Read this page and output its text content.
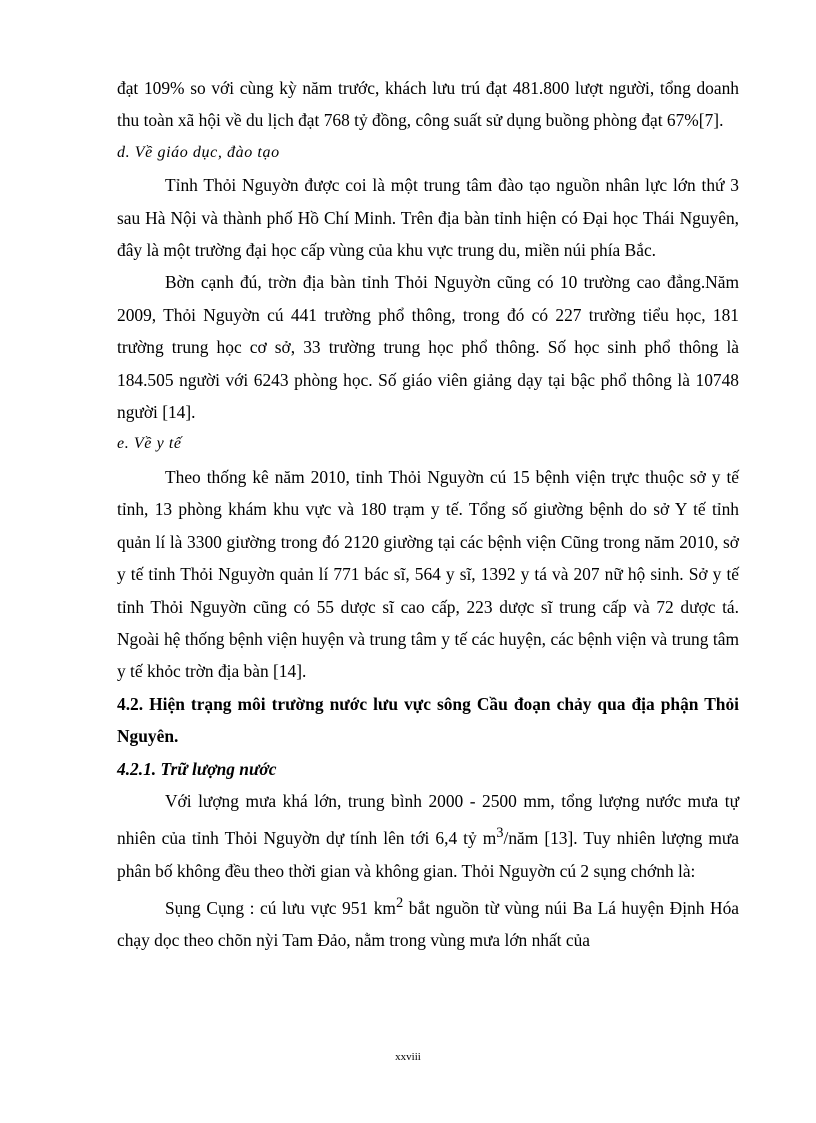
đạt 109% so với cùng kỳ năm trước, khách lưu trú đạt 481.800 lượt người, tổng doanh thu toàn xã hội về du lịch đạt 768 tỷ đồng, công suất sử dụng buồng phòng đạt 67%[7].

d. Về giáo dục, đào tạo

Tỉnh Thỏi Nguyờn được coi là một trung tâm đào tạo nguồn nhân lực lớn thứ 3 sau Hà Nội và thành phố Hồ Chí Minh. Trên địa bàn tỉnh hiện có Đại học Thái Nguyên, đây là một trường đại học cấp vùng của khu vực trung du, miền núi phía Bắc.

Bờn cạnh đú, trờn địa bàn tỉnh Thỏi Nguyờn cũng có 10 trường cao đẳng.Năm 2009, Thỏi Nguyờn cú 441 trường phổ thông, trong đó có 227 trường tiểu học, 181 trường trung học cơ sở, 33 trường trung học phổ thông. Số học sinh phổ thông là 184.505 người với 6243 phòng học. Số giáo viên giảng dạy tại bậc phổ thông là 10748 người [14].

e. Về y tế

Theo thống kê năm 2010, tỉnh Thỏi Nguyờn cú 15 bệnh viện trực thuộc sở y tế tỉnh, 13 phòng khám khu vực và 180 trạm y tế. Tổng số giường bệnh do sở Y tế tỉnh quản lí là 3300 giường trong đó 2120 giường tại các bệnh viện Cũng trong năm 2010, sở y tế tỉnh Thỏi Nguyờn quản lí 771 bác sĩ, 564 y sĩ, 1392 y tá và 207 nữ hộ sinh. Sở y tế tỉnh Thỏi Nguyờn cũng có 55 dược sĩ cao cấp, 223 dược sĩ trung cấp và 72 dược tá. Ngoài hệ thống bệnh viện huyện và trung tâm y tế các huyện, các bệnh viện và trung tâm y tế khỏc trờn địa bàn [14].

4.2. Hiện trạng môi trường nước lưu vực sông Cầu đoạn chảy qua địa phận Thỏi Nguyên.

4.2.1. Trữ lượng nước

Với lượng mưa khá lớn, trung bình 2000 - 2500 mm, tổng lượng nước mưa tự nhiên của tỉnh Thỏi Nguyờn dự tính lên tới 6,4 tỷ $m^3$/năm [13]. Tuy nhiên lượng mưa phân bố không đều theo thời gian và không gian. Thỏi Nguyờn cú 2 sụng chớnh là:

Sụng Cụng : cú lưu vực 951 $km^2$ bắt nguồn từ vùng núi Ba Lá huyện Định Hóa chạy dọc theo chõn nỳi Tam Đảo, nằm trong vùng mưa lớn nhất của

xxviii
